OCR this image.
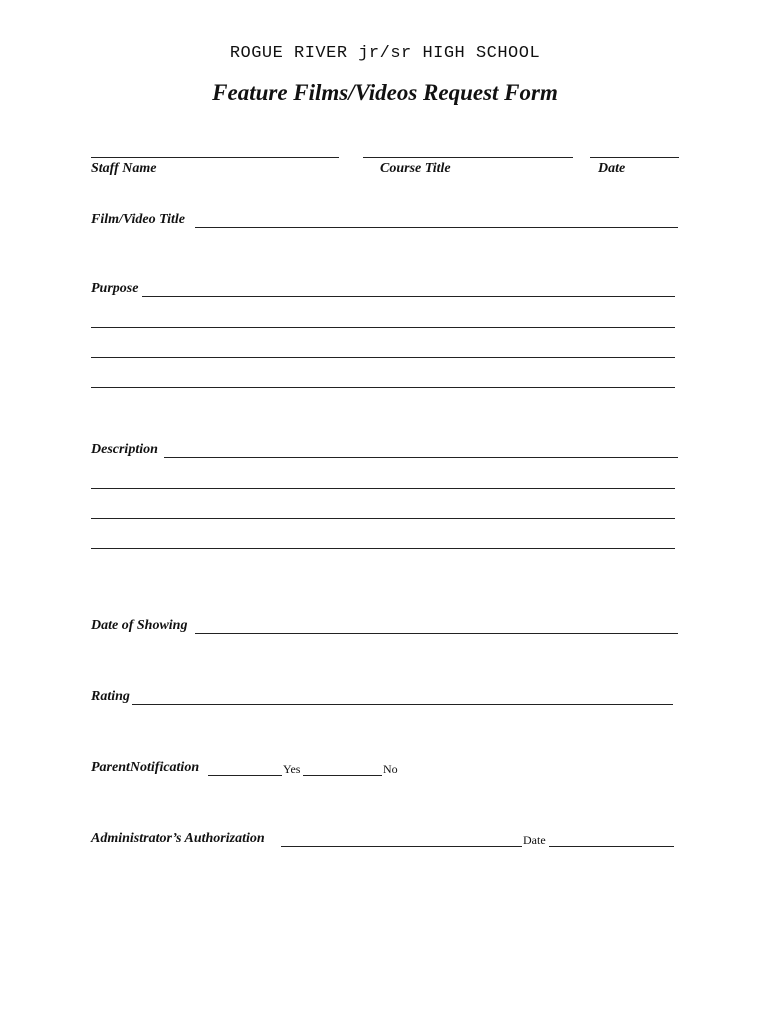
ROGUE RIVER jr/sr HIGH SCHOOL
Feature Films/Videos Request Form
Staff Name	Course Title	Date
Film/Video Title
Purpose
Description
Date of Showing
Rating
ParentNotification	Yes	No
Administrator’s Authorization	Date
